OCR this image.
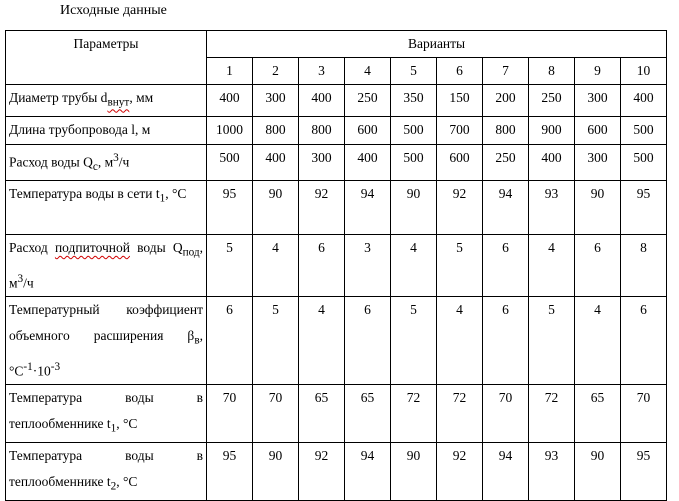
Исходные данные
Параметры	Варианты									
	1	2	3	4	5	6	7	8	9	10
Диаметр трубы $d_{внут}$, мм	400	300	400	250	350	150	200	250	300	400
Длина трубопровода l, м	1000	800	800	600	500	700	800	900	600	500
Расход воды $Q_c$, $м^3/ч$	500	400	300	400	500	600	250	400	300	500
Температура воды в сети $t_1$, °С	95	90	92	94	90	92	94	93	90	95
Расход подпиточной воды $Q_{под}$, $м^3/ч$	5	4	6	3	4	5	6	4	6	8
Температурный коэффициент объемного расширения $\beta_в$, $^\circ С^{-1}\cdot 10^{-3}$	6	5	4	6	5	4	6	5	4	6
Температура воды в теплообменнике $t_1$, °С	70	70	65	65	72	72	70	72	65	70
Температура воды в теплообменнике $t_2$, °С	95	90	92	94	90	92	94	93	90	95
